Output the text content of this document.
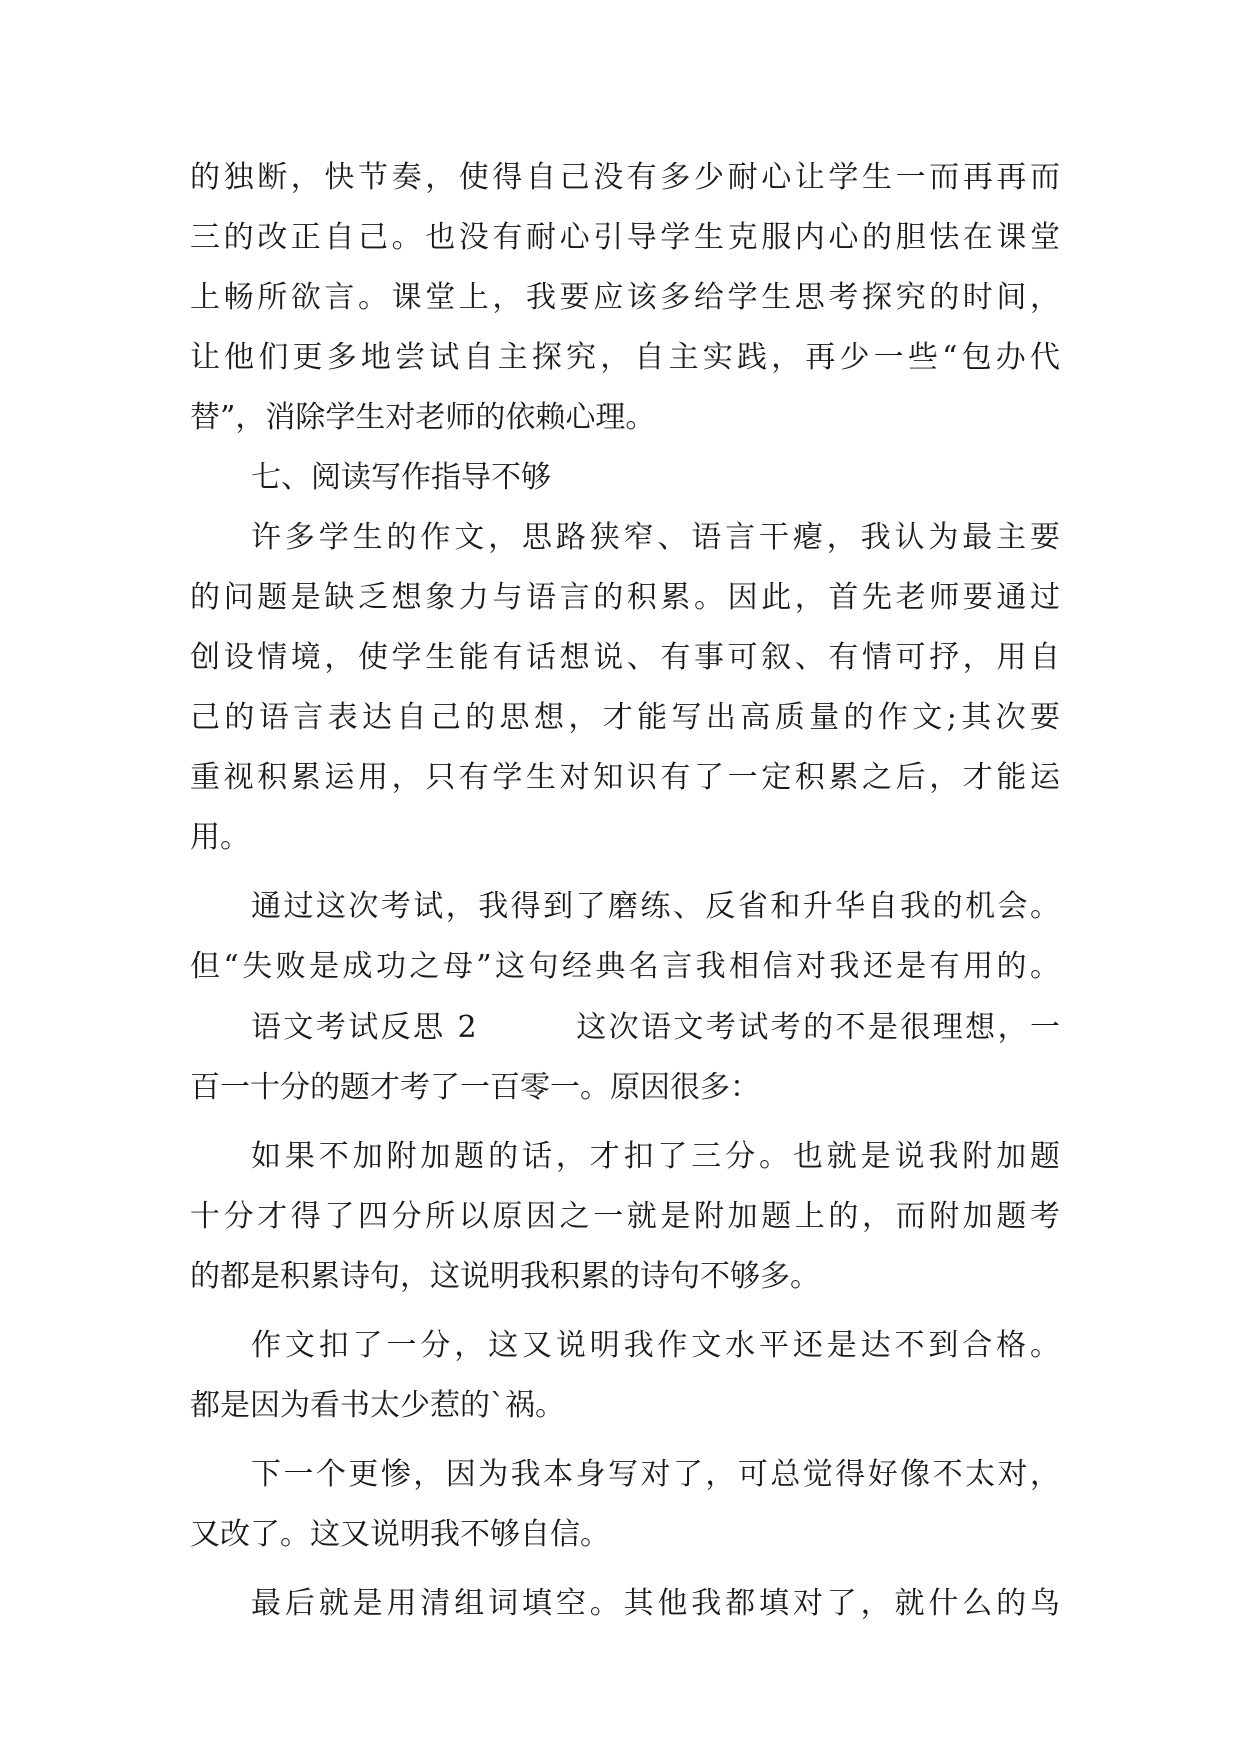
的独断，快节奏，使得自己没有多少耐心让学生一而再再而
三的改正自己。也没有耐心引导学生克服内心的胆怯在课堂
上畅所欲言。课堂上，我要应该多给学生思考探究的时间，
让他们更多地尝试自主探究，自主实践，再少一些“包办代
替”，消除学生对老师的依赖心理。
七、阅读写作指导不够
许多学生的作文，思路狭窄、语言干瘪，我认为最主要
的问题是缺乏想象力与语言的积累。因此，首先老师要通过
创设情境，使学生能有话想说、有事可叙、有情可抒，用自
己的语言表达自己的思想，才能写出高质量的作文;其次要
重视积累运用，只有学生对知识有了一定积累之后，才能运
用。
通过这次考试，我得到了磨练、反省和升华自我的机会。
但“失败是成功之母”这句经典名言我相信对我还是有用的。
语文考试反思 2　　　这次语文考试考的不是很理想，一
百一十分的题才考了一百零一。原因很多：
如果不加附加题的话，才扣了三分。也就是说我附加题
十分才得了四分所以原因之一就是附加题上的，而附加题考
的都是积累诗句，这说明我积累的诗句不够多。
作文扣了一分，这又说明我作文水平还是达不到合格。
都是因为看书太少惹的`祸。
下一个更惨，因为我本身写对了，可总觉得好像不太对，
又改了。这又说明我不够自信。
最后就是用清组词填空。其他我都填对了，就什么的鸟
